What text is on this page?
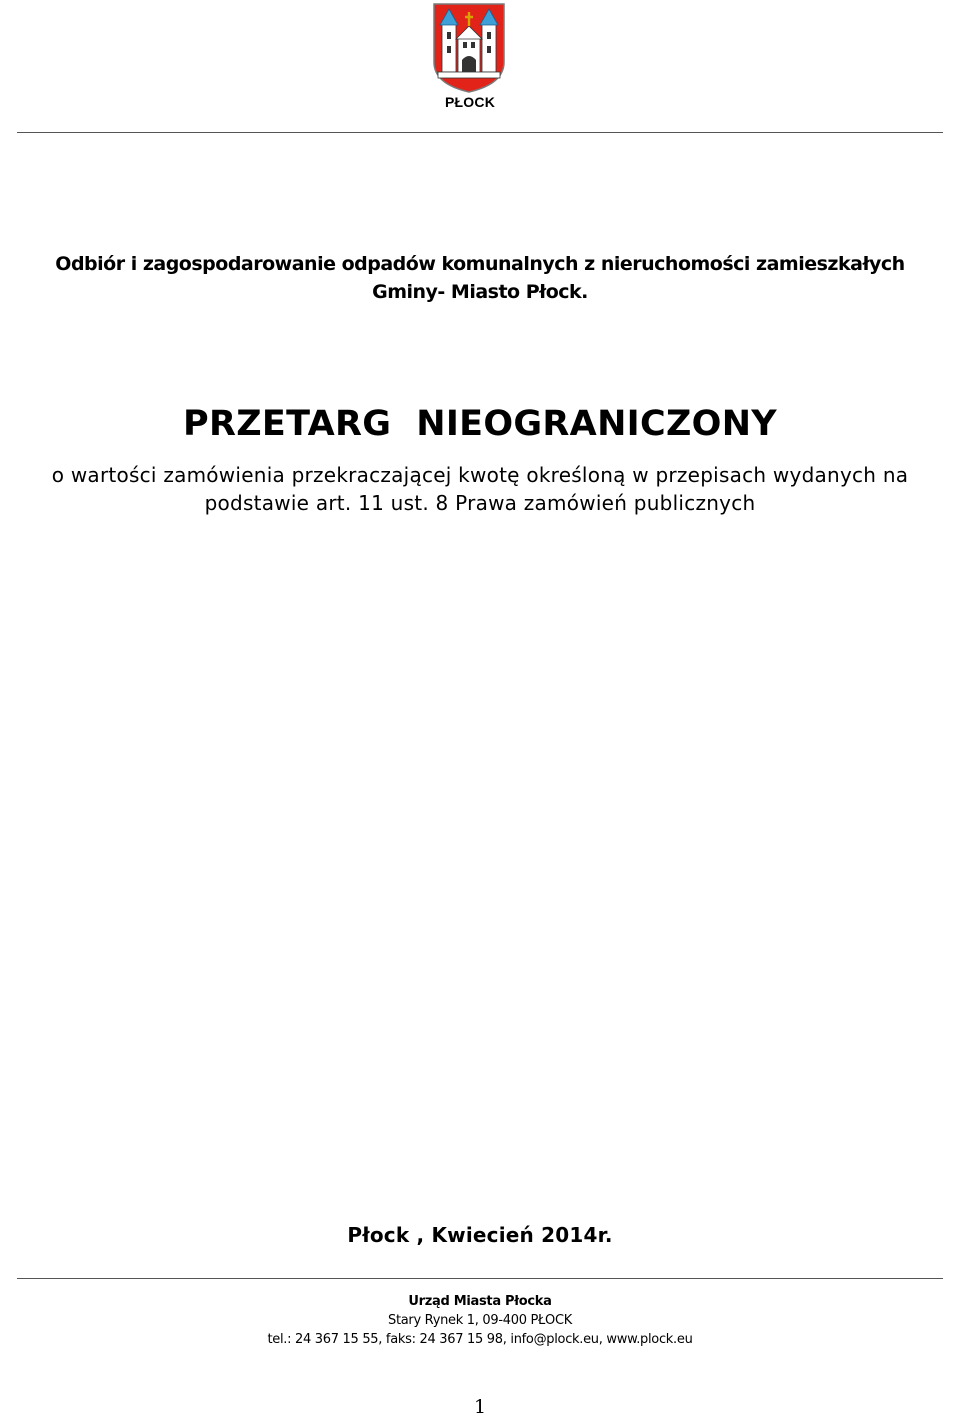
PŁOCK
Odbiór i zagospodarowanie odpadów komunalnych z nieruchomości zamieszkałych
Gminy- Miasto Płock.
PRZETARG  NIEOGRANICZONY
o wartości zamówienia przekraczającej kwotę określoną w przepisach wydanych na
podstawie art. 11 ust. 8 Prawa zamówień publicznych
Płock , Kwiecień 2014r.
Urząd Miasta Płocka
Stary Rynek 1, 09-400 PŁOCK
tel.: 24 367 15 55, faks: 24 367 15 98, info@plock.eu, www.plock.eu
1
